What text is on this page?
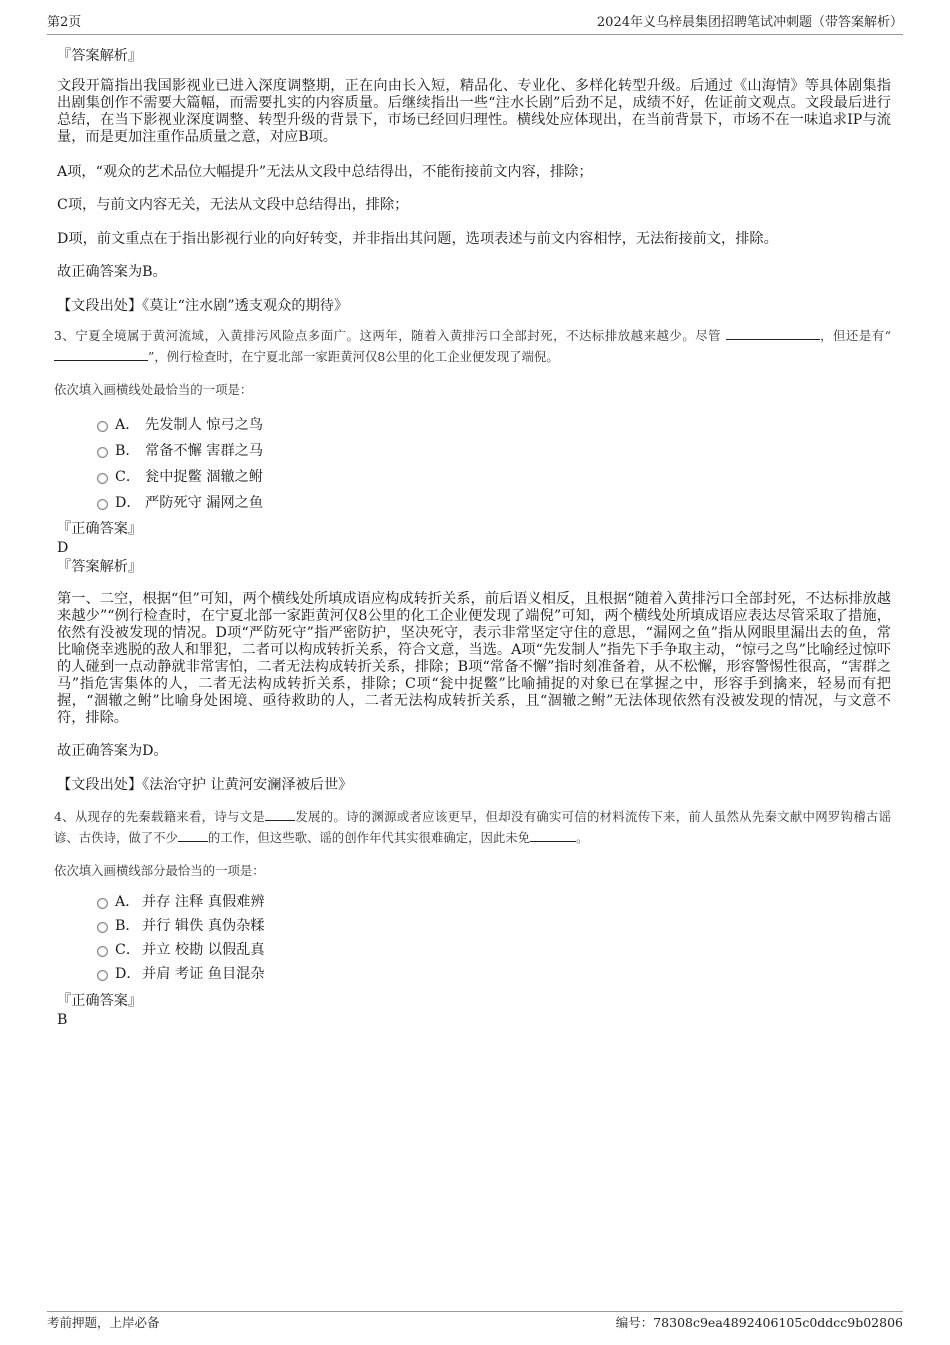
第2页	2024年义乌梓晨集团招聘笔试冲刺题（带答案解析）

『答案解析』

文段开篇指出我国影视业已进入深度调整期，正在向由长入短，精品化、专业化、多样化转型升级。后通过《山海情》等具体剧集指出剧集创作不需要大篇幅，而需要扎实的内容质量。后继续指出一些“注水长剧”后劲不足，成绩不好，佐证前文观点。文段最后进行总结，在当下影视业深度调整、转型升级的背景下，市场已经回归理性。横线处应体现出，在当前背景下，市场不在一味追求IP与流量，而是更加注重作品质量之意，对应B项。

A项，“观众的艺术品位大幅提升”无法从文段中总结得出，不能衔接前文内容，排除；

C项，与前文内容无关，无法从文段中总结得出，排除；

D项，前文重点在于指出影视行业的向好转变，并非指出其问题，选项表述与前文内容相悖，无法衔接前文，排除。

故正确答案为B。

【文段出处】《莫让“注水剧”透支观众的期待》

3、宁夏全境属于黄河流域，入黄排污风险点多面广。这两年，随着入黄排污口全部封死，不达标排放越来越少。尽管	，但还是有“”，例行检查时，在宁夏北部一家距黄河仅8公里的化工企业便发现了端倪。

依次填入画横线处最恰当的一项是：

A． 先发制人 惊弓之鸟
B． 常备不懈 害群之马
C． 瓮中捉鳖 涸辙之鲋
D． 严防死守 漏网之鱼

『正确答案』

D

『答案解析』

第一、二空，根据“但”可知，两个横线处所填成语应构成转折关系，前后语义相反，且根据“随着入黄排污口全部封死，不达标排放越来越少”“例行检查时，在宁夏北部一家距黄河仅8公里的化工企业便发现了端倪”可知，两个横线处所填成语应表达尽管采取了措施，依然有没被发现的情况。D项“严防死守”指严密防护，坚决死守，表示非常坚定守住的意思，“漏网之鱼”指从网眼里漏出去的鱼，常比喻侥幸逃脱的敌人和罪犯，二者可以构成转折关系，符合文意，当选。A项“先发制人”指先下手争取主动，“惊弓之鸟”比喻经过惊吓的人碰到一点动静就非常害怕，二者无法构成转折关系，排除；B项“常备不懈”指时刻准备着，从不松懈，形容警惕性很高，“害群之马”指危害集体的人，二者无法构成转折关系，排除；C项“瓮中捉鳖”比喻捕捉的对象已在掌握之中，形容手到擒来，轻易而有把握，“涸辙之鲋”比喻身处困境、亟待救助的人，二者无法构成转折关系，且“涸辙之鲋”无法体现依然有没被发现的情况，与文意不符，排除。

故正确答案为D。

【文段出处】《法治守护 让黄河安澜泽被后世》

4、从现存的先秦载籍来看，诗与文是 发展的。诗的渊源或者应该更早，但却没有确实可信的材料流传下来，前人虽然从先秦文献中网罗钩稽古谣谚、古佚诗，做了不少 的工作，但这些歌、谣的创作年代其实很难确定，因此未免	。

依次填入画横线部分最恰当的一项是：

A． 并存 注释 真假难辨
B． 并行 辑佚 真伪杂糅
C． 并立 校勘 以假乱真
D．并肩 考证 鱼目混杂

『正确答案』

B

考前押题，上岸必备	编号：78308c9ea4892406105c0ddcc9b02806
